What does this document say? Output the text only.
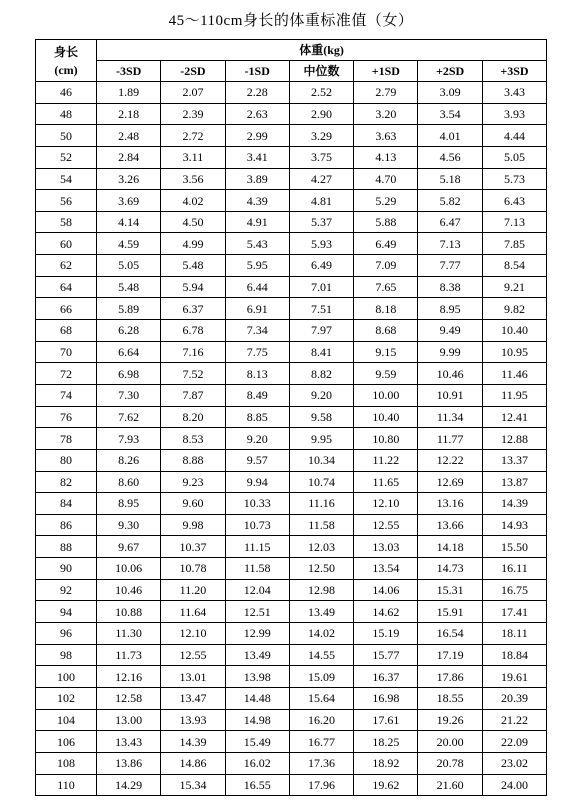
45～110cm身长的体重标准值（女）
身长
(cm)	体重(kg)						
	-3SD	-2SD	-1SD	中位数	+1SD	+2SD	+3SD
46	1.89	2.07	2.28	2.52	2.79	3.09	3.43
48	2.18	2.39	2.63	2.90	3.20	3.54	3.93
50	2.48	2.72	2.99	3.29	3.63	4.01	4.44
52	2.84	3.11	3.41	3.75	4.13	4.56	5.05
54	3.26	3.56	3.89	4.27	4.70	5.18	5.73
56	3.69	4.02	4.39	4.81	5.29	5.82	6.43
58	4.14	4.50	4.91	5.37	5.88	6.47	7.13
60	4.59	4.99	5.43	5.93	6.49	7.13	7.85
62	5.05	5.48	5.95	6.49	7.09	7.77	8.54
64	5.48	5.94	6.44	7.01	7.65	8.38	9.21
66	5.89	6.37	6.91	7.51	8.18	8.95	9.82
68	6.28	6.78	7.34	7.97	8.68	9.49	10.40
70	6.64	7.16	7.75	8.41	9.15	9.99	10.95
72	6.98	7.52	8.13	8.82	9.59	10.46	11.46
74	7.30	7.87	8.49	9.20	10.00	10.91	11.95
76	7.62	8.20	8.85	9.58	10.40	11.34	12.41
78	7.93	8.53	9.20	9.95	10.80	11.77	12.88
80	8.26	8.88	9.57	10.34	11.22	12.22	13.37
82	8.60	9.23	9.94	10.74	11.65	12.69	13.87
84	8.95	9.60	10.33	11.16	12.10	13.16	14.39
86	9.30	9.98	10.73	11.58	12.55	13.66	14.93
88	9.67	10.37	11.15	12.03	13.03	14.18	15.50
90	10.06	10.78	11.58	12.50	13.54	14.73	16.11
92	10.46	11.20	12.04	12.98	14.06	15.31	16.75
94	10.88	11.64	12.51	13.49	14.62	15.91	17.41
96	11.30	12.10	12.99	14.02	15.19	16.54	18.11
98	11.73	12.55	13.49	14.55	15.77	17.19	18.84
100	12.16	13.01	13.98	15.09	16.37	17.86	19.61
102	12.58	13.47	14.48	15.64	16.98	18.55	20.39
104	13.00	13.93	14.98	16.20	17.61	19.26	21.22
106	13.43	14.39	15.49	16.77	18.25	20.00	22.09
108	13.86	14.86	16.02	17.36	18.92	20.78	23.02
110	14.29	15.34	16.55	17.96	19.62	21.60	24.00
